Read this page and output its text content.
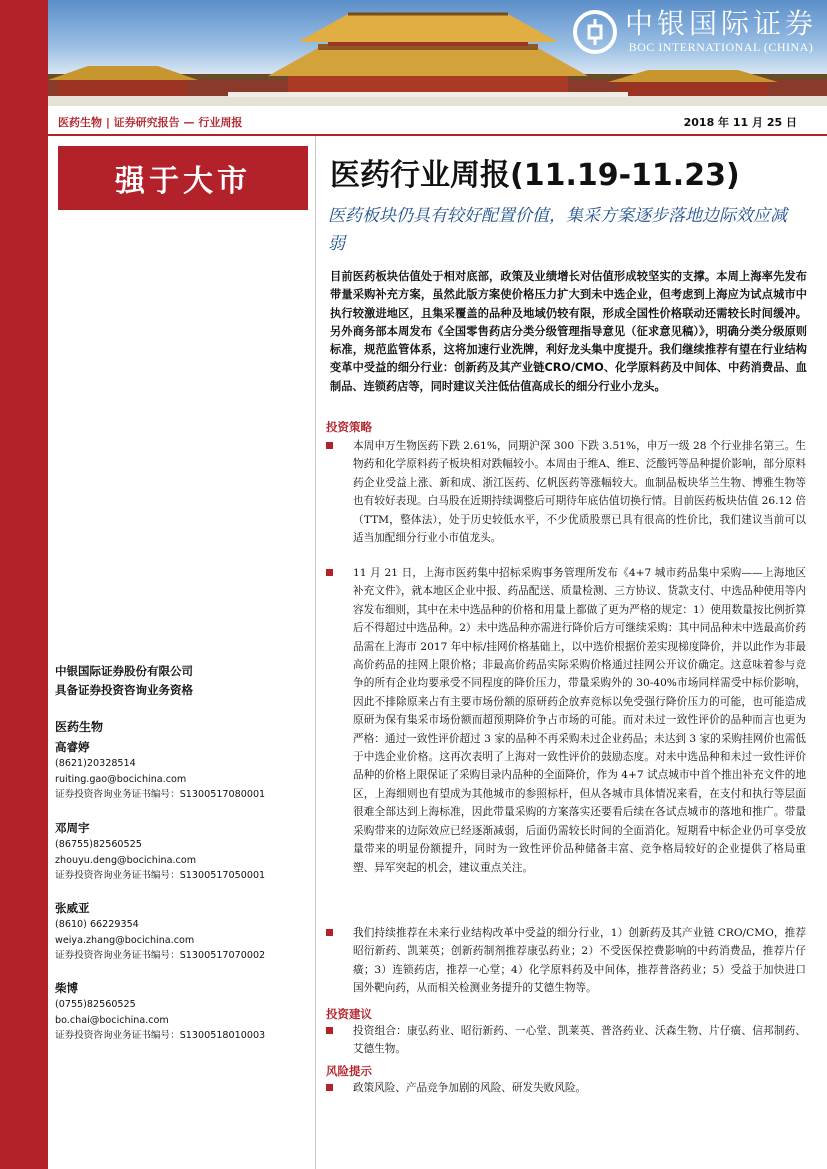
中银国际证券
BOC INTERNATIONAL (CHINA)
医药生物 | 证券研究报告 — 行业周报	2018 年 11 月 25 日
强于大市	医药行业周报(11.19-11.23)
医药板块仍具有较好配置价值，集采方案逐步落地边际效应减弱
目前医药板块估值处于相对底部，政策及业绩增长对估值形成较坚实的支撑。本周上海率先发布带量采购补充方案，虽然此版方案使价格压力扩大到未中选企业，但考虑到上海应为试点城市中执行较激进地区，且集采覆盖的品种及地域仍较有限，形成全国性价格联动还需较长时间缓冲。另外商务部本周发布《全国零售药店分类分级管理指导意见（征求意见稿）》，明确分类分级原则标准，规范监管体系，这将加速行业洗牌，利好龙头集中度提升。我们继续推荐有望在行业结构变革中受益的细分行业：创新药及其产业链CRO/CMO、化学原料药及中间体、中药消费品、血制品、连锁药店等，同时建议关注低估值高成长的细分行业小龙头。
投资策略
本周申万生物医药下跌 2.61%，同期沪深 300 下跌 3.51%，申万一级 28 个行业排名第三。生物药和化学原料药子板块相对跌幅较小。本周由于维A、维E、泛酸钙等品种提价影响，部分原料药企业受益上涨、新和成、浙江医药、亿帆医药等涨幅较大。血制品板块华兰生物、博雅生物等也有较好表现。白马股在近期持续调整后可期待年底估值切换行情。目前医药板块估值 26.12 倍（TTM，整体法），处于历史较低水平，不少优质股票已具有很高的性价比，我们建议当前可以适当加配细分行业小市值龙头。
11 月 21 日，上海市医药集中招标采购事务管理所发布《4+7 城市药品集中采购——上海地区补充文件》，就本地区企业中报、药品配送、质量检测、三方协议、货款支付、中选品种使用等内容发布细则，其中在未中选品种的价格和用量上都做了更为严格的规定：1）使用数量按比例折算后不得超过中选品种。2）未中选品种亦需进行降价后方可继续采购：其中同品种未中选最高价药品需在上海市 2017 年中标/挂网价格基础上，以中选价根据价差实现梯度降价，并以此作为非最高价药品的挂网上限价格；非最高价药品实际采购价格通过挂网公开议价确定。这意味着参与竞争的所有企业均要承受不同程度的降价压力，带量采购外的 30-40%市场同样需受中标价影响，因此不排除原来占有主要市场份额的原研药企放弃竞标以免受强行降价压力的可能，也可能造成原研为保有集采市场份额而超预期降价争占市场的可能。而对未过一致性评价的品种而言也更为严格：通过一致性评价超过 3 家的品种不再采购未过企业药品；未达到 3 家的采购挂网价也需低于中选企业价格。这再次表明了上海对一致性评价的鼓励态度。对未中选品种和未过一致性评价品种的价格上限保证了采购目录内品种的全面降价，作为 4+7 试点城市中首个推出补充文件的地区，上海细则也有望成为其他城市的参照标杆，但从各城市具体情况来看，在支付和执行等层面很难全部达到上海标准，因此带量采购的方案落实还要看后续在各试点城市的落地和推广。带量采购带来的边际效应已经逐渐减弱，后面仍需较长时间的全面消化。短期看中标企业仍可享受放量带来的明显份额提升，同时为一致性评价品种储备丰富、竞争格局较好的企业提供了格局重塑、异军突起的机会，建议重点关注。
我们持续推荐在未来行业结构改革中受益的细分行业，1）创新药及其产业链 CRO/CMO，推荐昭衍新药、凯莱英；创新药制剂推荐康弘药业；2）不受医保控费影响的中药消费品，推荐片仔癀；3）连锁药店，推荐一心堂；4）化学原料药及中间体，推荐普洛药业；5）受益于加快进口国外靶向药，从而相关检测业务提升的艾德生物等。
投资建议
投资组合：康弘药业、昭衍新药、一心堂、凯莱英、普洛药业、沃森生物、片仔癀、信邦制药、艾德生物。
风险提示
政策风险、产品竞争加剧的风险、研发失败风险。
中银国际证券股份有限公司
具备证券投资咨询业务资格
医药生物
高睿婷
(8621)20328514
ruiting.gao@bocichina.com
证券投资咨询业务证书编号：S1300517080001
邓周宇
(86755)82560525
zhouyu.deng@bocichina.com
证券投资咨询业务证书编号：S1300517050001
张威亚
(8610) 66229354
weiya.zhang@bocichina.com
证券投资咨询业务证书编号：S1300517070002
柴博
(0755)82560525
bo.chai@bocichina.com
证券投资咨询业务证书编号：S1300518010003
